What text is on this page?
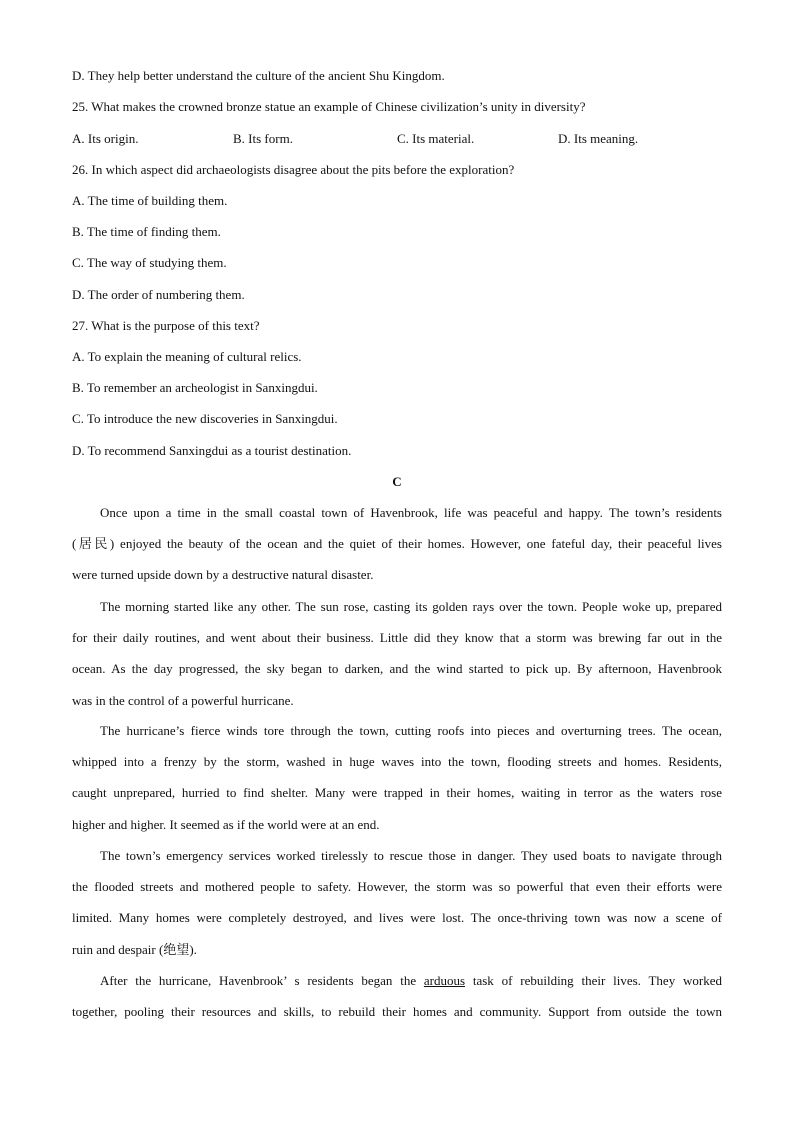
D. They help better understand the culture of the ancient Shu Kingdom.
25. What makes the crowned bronze statue an example of Chinese civilization’s unity in diversity?
A. Its origin.	B. Its form.	C. Its material.	D. Its meaning.
26. In which aspect did archaeologists disagree about the pits before the exploration?
A. The time of building them.
B. The time of finding them.
C. The way of studying them.
D. The order of numbering them.
27. What is the purpose of this text?
A. To explain the meaning of cultural relics.
B. To remember an archeologist in Sanxingdui.
C. To introduce the new discoveries in Sanxingdui.
D. To recommend Sanxingdui as a tourist destination.
C
Once upon a time in the small coastal town of Havenbrook, life was peaceful and happy. The town’s residents
(居民) enjoyed the beauty of the ocean and the quiet of their homes. However, one fateful day, their peaceful lives
were turned upside down by a destructive natural disaster.
The morning started like any other. The sun rose, casting its golden rays over the town. People woke up, prepared
for their daily routines, and went about their business. Little did they know that a storm was brewing far out in the
ocean. As the day progressed, the sky began to darken, and the wind started to pick up. By afternoon, Havenbrook
was in the control of a powerful hurricane.
The hurricane’s fierce winds tore through the town, cutting roofs into pieces and overturning trees. The ocean,
whipped into a frenzy by the storm, washed in huge waves into the town, flooding streets and homes. Residents,
caught unprepared, hurried to find shelter. Many were trapped in their homes, waiting in terror as the waters rose
higher and higher. It seemed as if the world were at an end.
The town’s emergency services worked tirelessly to rescue those in danger. They used boats to navigate through
the flooded streets and mothered people to safety. However, the storm was so powerful that even their efforts were
limited. Many homes were completely destroyed, and lives were lost. The once-thriving town was now a scene of
ruin and despair (绝望).
After the hurricane, Havenbrook’ s residents began the arduous task of rebuilding their lives. They worked
together, pooling their resources and skills, to rebuild their homes and community. Support from outside the town
